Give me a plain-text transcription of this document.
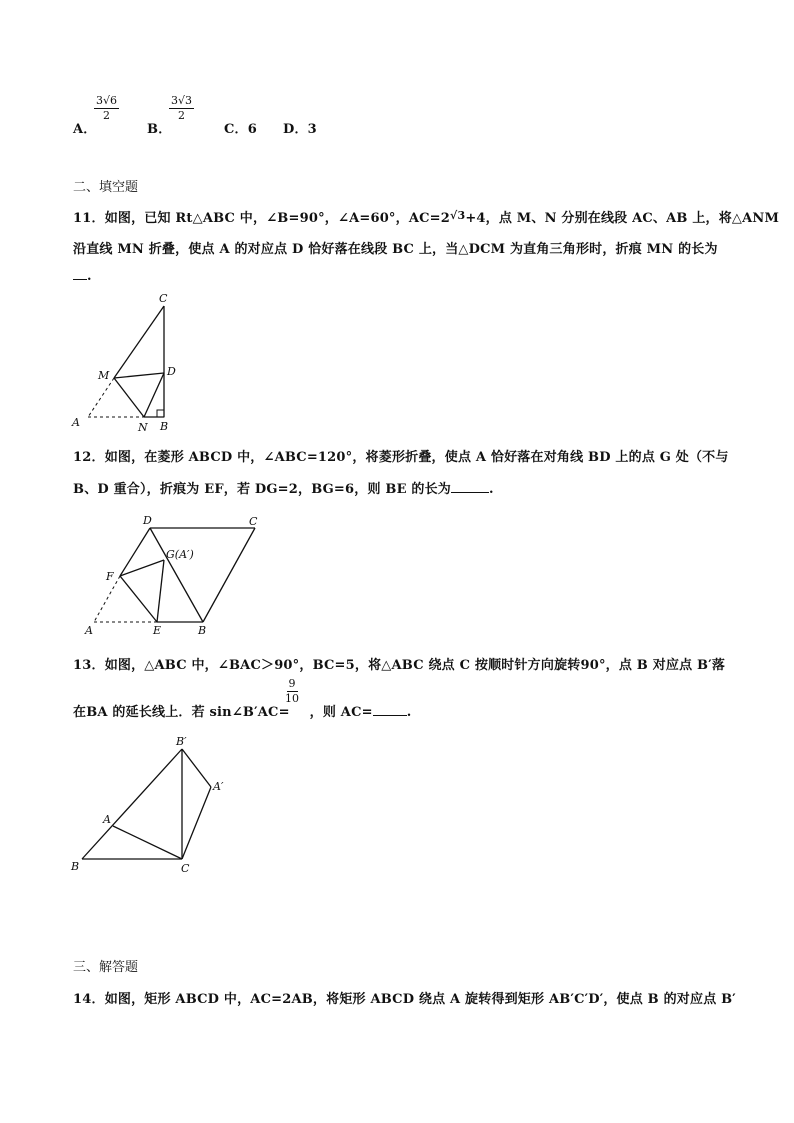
A．
$\frac{3√6}{2}$
B．
$\frac{3√3}{2}$
C．6 D．3
二、填空题
11．如图，已知 Rt△ABC 中，∠B=90°，∠A=60°，$AC=2^{√3}+4$，点 M、N 分别在线段 AC、AB 上，将△ANM
沿直线 MN 折叠，使点 A 的对应点 D 恰好落在线段 BC 上，当△DCM 为直角三角形时，折痕 MN 的长为
.
C
M	D
A	N B
12．如图，在菱形 ABCD 中，∠ABC=120°，将菱形折叠，使点 A 恰好落在对角线 BD 上的点 G 处（不与
B、D 重合），折痕为 EF，若 DG=2，BG=6，则 BE 的长为	.
D	C
G(A′)
F
A	E	B
13．如图，△ABC 中，∠BAC＞90°，BC=5，将△ABC 绕点 C 按顺时针方向旋转90°，点 B 对应点 B′落
在BA 的延长线上．若 sin∠B′AC= ，则 AC=	.
$\frac{9}{10}$
B′
A′
A
B	C
三、解答题
14．如图，矩形 ABCD 中，AC=2AB，将矩形 ABCD 绕点 A 旋转得到矩形 AB′C′D′，使点 B 的对应点 B′
